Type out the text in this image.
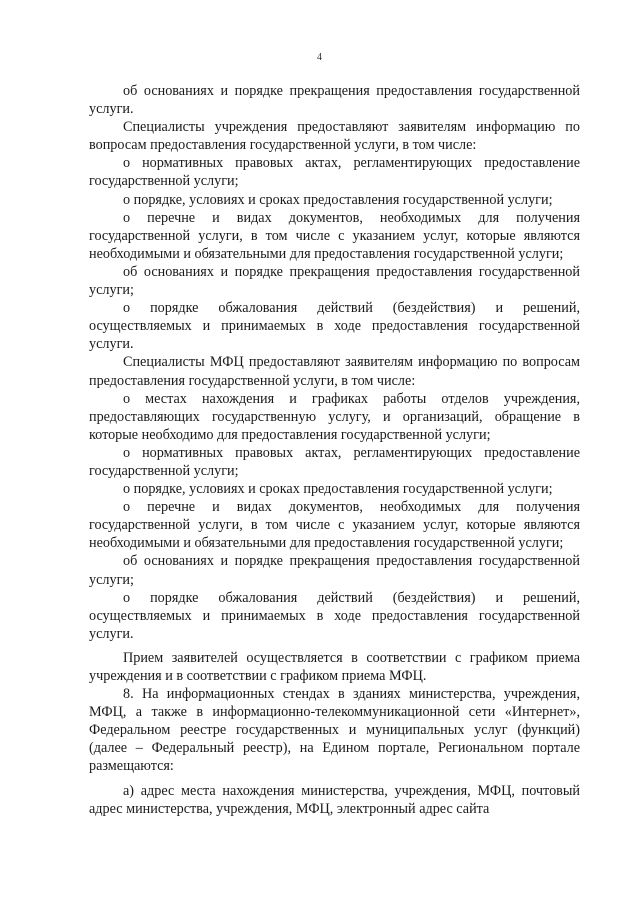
4

об основаниях и порядке прекращения предоставления государственной услуги.

Специалисты учреждения предоставляют заявителям информацию по вопросам предоставления государственной услуги, в том числе:

о нормативных правовых актах, регламентирующих предоставление государственной услуги;

о порядке, условиях и сроках предоставления государственной услуги;

о перечне и видах документов, необходимых для получения государственной услуги, в том числе с указанием услуг, которые являются необходимыми и обязательными для предоставления государственной услуги;

об основаниях и порядке прекращения предоставления государственной услуги;

о порядке обжалования действий (бездействия) и решений, осуществляемых и принимаемых в ходе предоставления государственной услуги.

Специалисты МФЦ предоставляют заявителям информацию по вопросам предоставления государственной услуги, в том числе:

о местах нахождения и графиках работы отделов учреждения, предоставляющих государственную услугу, и организаций, обращение в которые необходимо для предоставления государственной услуги;

о нормативных правовых актах, регламентирующих предоставление государственной услуги;

о порядке, условиях и сроках предоставления государственной услуги;

о перечне и видах документов, необходимых для получения государственной услуги, в том числе с указанием услуг, которые являются необходимыми и обязательными для предоставления государственной услуги;

об основаниях и порядке прекращения предоставления государственной услуги;

о порядке обжалования действий (бездействия) и решений, осуществляемых и принимаемых в ходе предоставления государственной услуги.

Прием заявителей осуществляется в соответствии с графиком приема учреждения и в соответствии с графиком приема МФЦ.

8. На информационных стендах в зданиях министерства, учреждения, МФЦ, а также в информационно-телекоммуникационной сети «Интернет», Федеральном реестре государственных и муниципальных услуг (функций) (далее – Федеральный реестр), на Едином портале, Региональном портале размещаются:

а) адрес места нахождения министерства, учреждения, МФЦ, почтовый адрес министерства, учреждения, МФЦ, электронный адрес сайта
